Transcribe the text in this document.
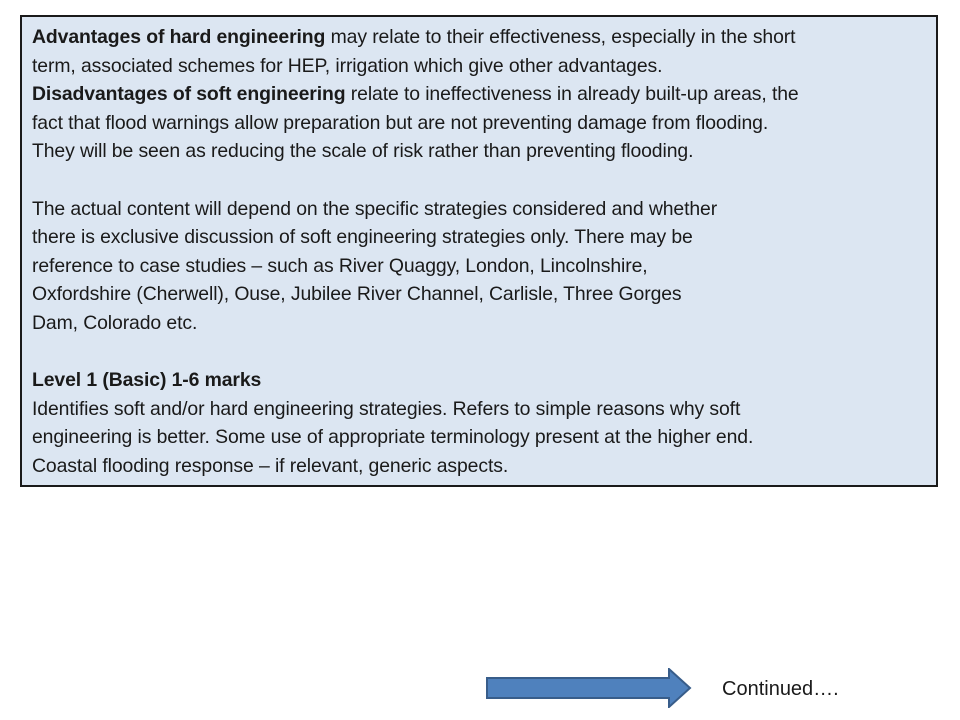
Advantages of hard engineering may relate to their effectiveness, especially in the short

term, associated schemes for HEP, irrigation which give other advantages.

Disadvantages of soft engineering relate to ineffectiveness in already built-up areas, the

fact that flood warnings allow preparation but are not preventing damage from flooding.

They will be seen as reducing the scale of risk rather than preventing flooding.

The actual content will depend on the specific strategies considered and whether

there is exclusive discussion of soft engineering strategies only. There may be

reference to case studies – such as River Quaggy, London, Lincolnshire,

Oxfordshire (Cherwell), Ouse, Jubilee River Channel, Carlisle, Three Gorges

Dam, Colorado etc.

Level 1 (Basic) 1-6 marks

Identifies soft and/or hard engineering strategies. Refers to simple reasons why soft

engineering is better. Some use of appropriate terminology present at the higher end.

Coastal flooding response – if relevant, generic aspects.

Continued….
